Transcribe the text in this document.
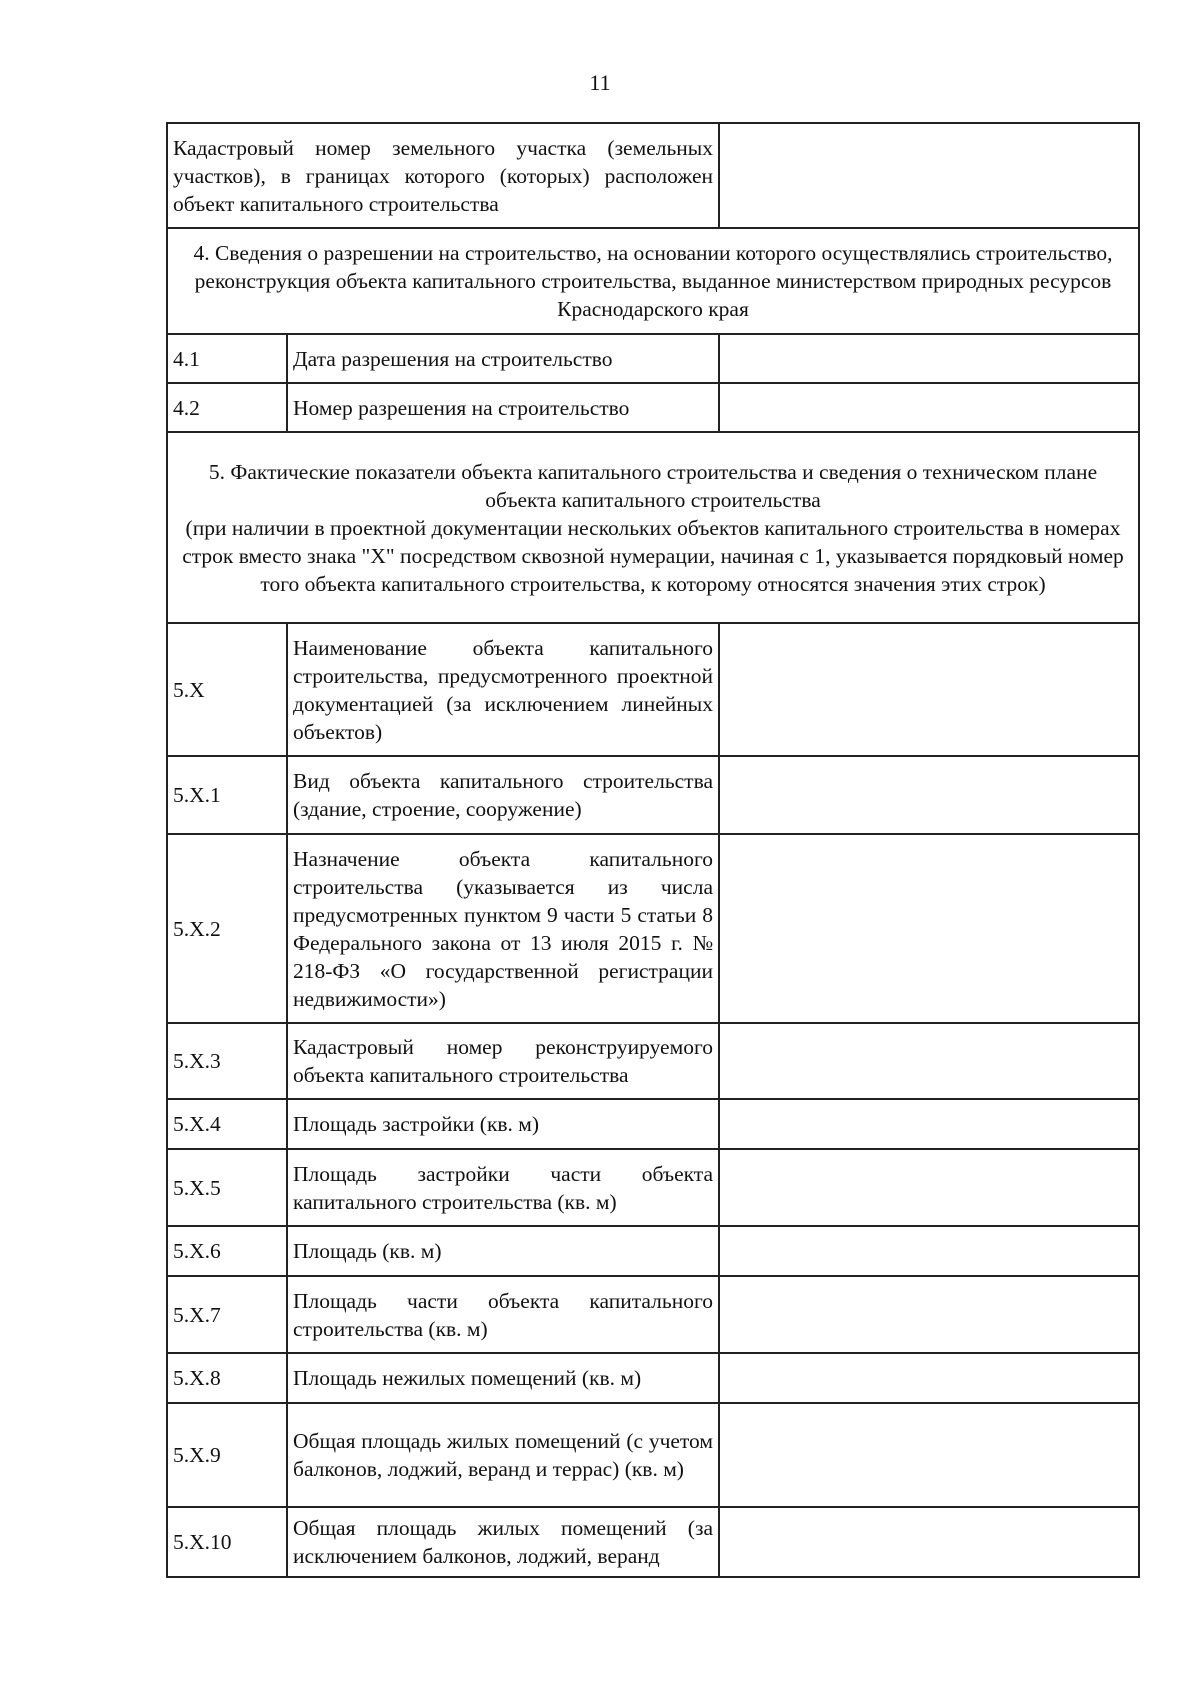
11
Кадастровый номер земельного участка (земельных участков), в границах которого (которых) расположен объект капитального строительства		
4. Сведения о разрешении на строительство, на основании которого осуществлялись строительство, реконструкция объекта капитального строительства, выданное министерством природных ресурсов Краснодарского края		
4.1	Дата разрешения на строительство	
4.2	Номер разрешения на строительство	

5. Фактические показатели объекта капитального строительства и сведения о техническом плане объекта капитального строительства
(при наличии в проектной документации нескольких объектов капитального строительства в номерах строк вместо знака "X" посредством сквозной нумерации, начиная с 1, указывается порядковый номер того объекта капитального строительства, к которому относятся значения этих строк)		

5.X	Наименование объекта капитального строительства, предусмотренного проектной документацией (за исключением линейных объектов)	
5.X.1	Вид объекта капитального строительства (здание, строение, сооружение)	
5.X.2	Назначение объекта капитального строительства (указывается из числа предусмотренных пунктом 9 части 5 статьи 8 Федерального закона от 13 июля 2015 г. № 218-ФЗ «О государственной регистрации недвижимости»)	
5.X.3	Кадастровый номер реконструируемого объекта капитального строительства	
5.X.4	Площадь застройки (кв. м)	
5.X.5	Площадь застройки части объекта капитального строительства (кв. м)	
5.X.6	Площадь (кв. м)	
5.X.7	Площадь части объекта капитального строительства (кв. м)	
5.X.8	Площадь нежилых помещений (кв. м)	
5.X.9	Общая площадь жилых помещений (с учетом балконов, лоджий, веранд и террас) (кв. м)	
5.X.10	Общая площадь жилых помещений (за исключением балконов, лоджий, веранд	
